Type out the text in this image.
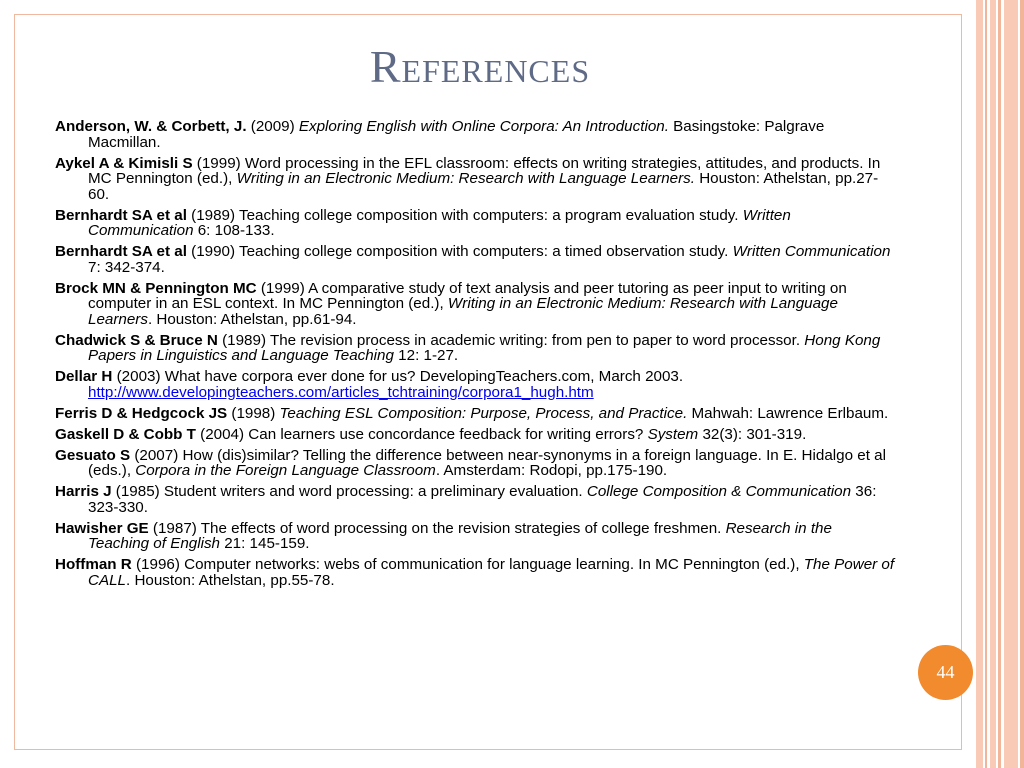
References
Anderson, W. & Corbett, J. (2009) Exploring English with Online Corpora: An Introduction. Basingstoke: Palgrave Macmillan.
Aykel A & Kimisli S (1999) Word processing in the EFL classroom: effects on writing strategies, attitudes, and products. In MC Pennington (ed.), Writing in an Electronic Medium: Research with Language Learners. Houston: Athelstan, pp.27-60.
Bernhardt SA et al (1989) Teaching college composition with computers: a program evaluation study. Written Communication 6: 108-133.
Bernhardt SA et al (1990) Teaching college composition with computers: a timed observation study. Written Communication 7: 342-374.
Brock MN & Pennington MC (1999) A comparative study of text analysis and peer tutoring as peer input to writing on computer in an ESL context. In MC Pennington (ed.), Writing in an Electronic Medium: Research with Language Learners. Houston: Athelstan, pp.61-94.
Chadwick S & Bruce N (1989) The revision process in academic writing: from pen to paper to word processor. Hong Kong Papers in Linguistics and Language Teaching 12: 1-27.
Dellar H (2003) What have corpora ever done for us? DevelopingTeachers.com, March 2003. http://www.developingteachers.com/articles_tchtraining/corpora1_hugh.htm
Ferris D & Hedgcock JS (1998) Teaching ESL Composition: Purpose, Process, and Practice. Mahwah: Lawrence Erlbaum.
Gaskell D & Cobb T (2004) Can learners use concordance feedback for writing errors? System 32(3): 301-319.
Gesuato S (2007) How (dis)similar? Telling the difference between near-synonyms in a foreign language. In E. Hidalgo et al (eds.), Corpora in the Foreign Language Classroom. Amsterdam: Rodopi, pp.175-190.
Harris J (1985) Student writers and word processing: a preliminary evaluation. College Composition & Communication 36: 323-330.
Hawisher GE (1987) The effects of word processing on the revision strategies of college freshmen. Research in the Teaching of English 21: 145-159.
Hoffman R (1996) Computer networks: webs of communication for language learning. In MC Pennington (ed.), The Power of CALL. Houston: Athelstan, pp.55-78.
44
